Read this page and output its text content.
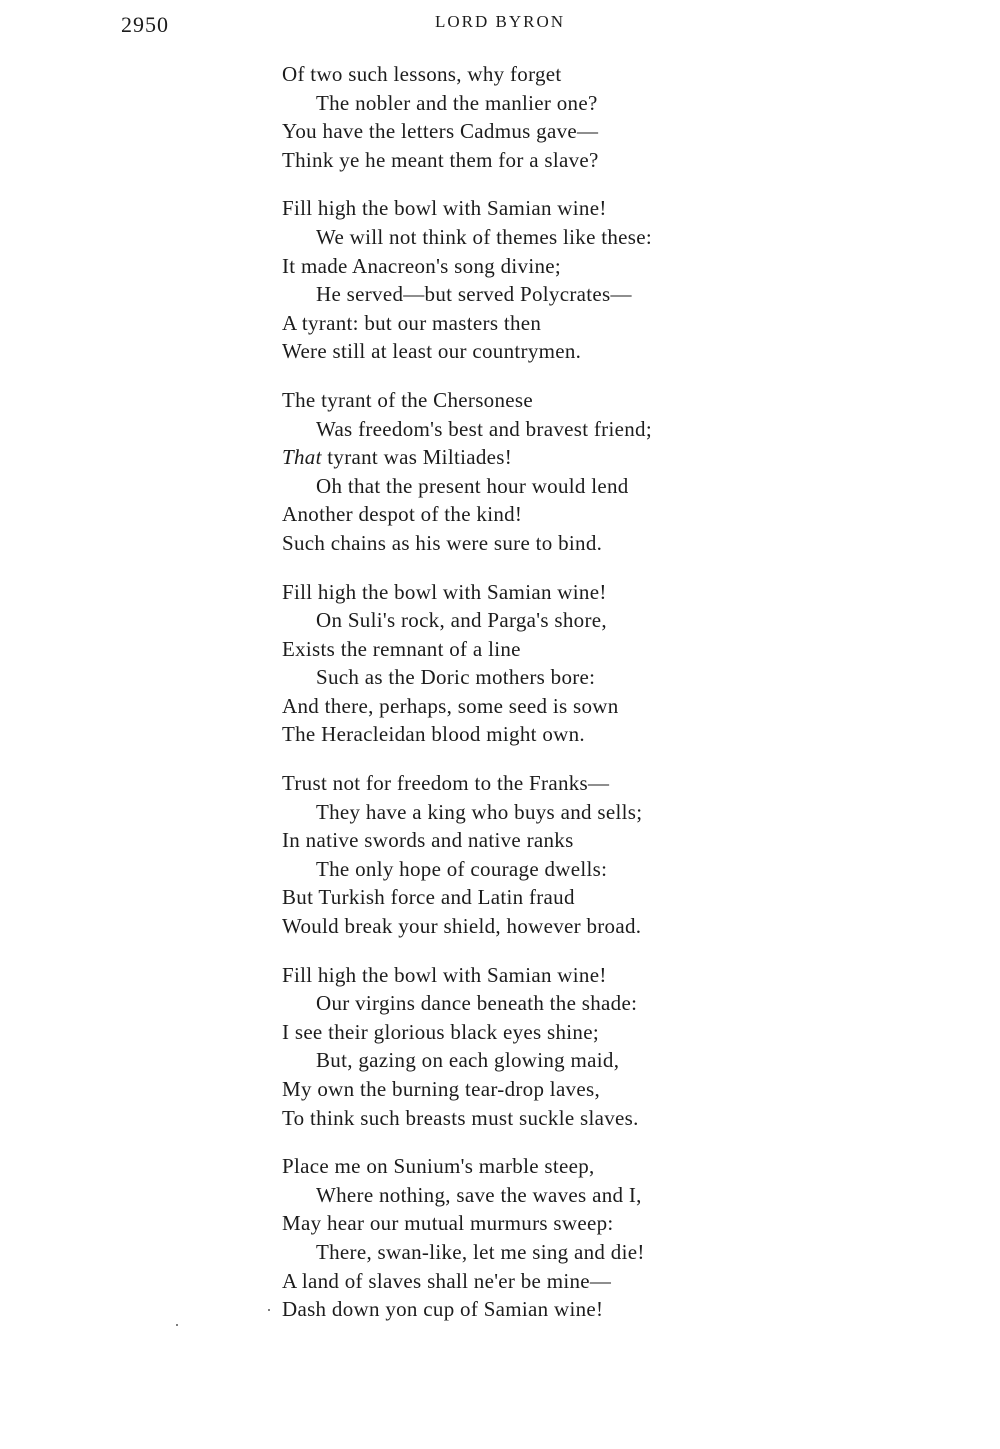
2950	LORD BYRON
Of two such lessons, why forget
The nobler and the manlier one?
You have the letters Cadmus gave—
Think ye he meant them for a slave?
Fill high the bowl with Samian wine!
We will not think of themes like these:
It made Anacreon's song divine;
He served—but served Polycrates—
A tyrant: but our masters then
Were still at least our countrymen.
The tyrant of the Chersonese
Was freedom's best and bravest friend;
That tyrant was Miltiades!
Oh that the present hour would lend
Another despot of the kind!
Such chains as his were sure to bind.
Fill high the bowl with Samian wine!
On Suli's rock, and Parga's shore,
Exists the remnant of a line
Such as the Doric mothers bore:
And there, perhaps, some seed is sown
The Heracleidan blood might own.
Trust not for freedom to the Franks—
They have a king who buys and sells;
In native swords and native ranks
The only hope of courage dwells:
But Turkish force and Latin fraud
Would break your shield, however broad.
Fill high the bowl with Samian wine!
Our virgins dance beneath the shade:
I see their glorious black eyes shine;
But, gazing on each glowing maid,
My own the burning tear-drop laves,
To think such breasts must suckle slaves.
Place me on Sunium's marble steep,
Where nothing, save the waves and I,
May hear our mutual murmurs sweep:
There, swan-like, let me sing and die!
A land of slaves shall ne'er be mine—
Dash down yon cup of Samian wine!
